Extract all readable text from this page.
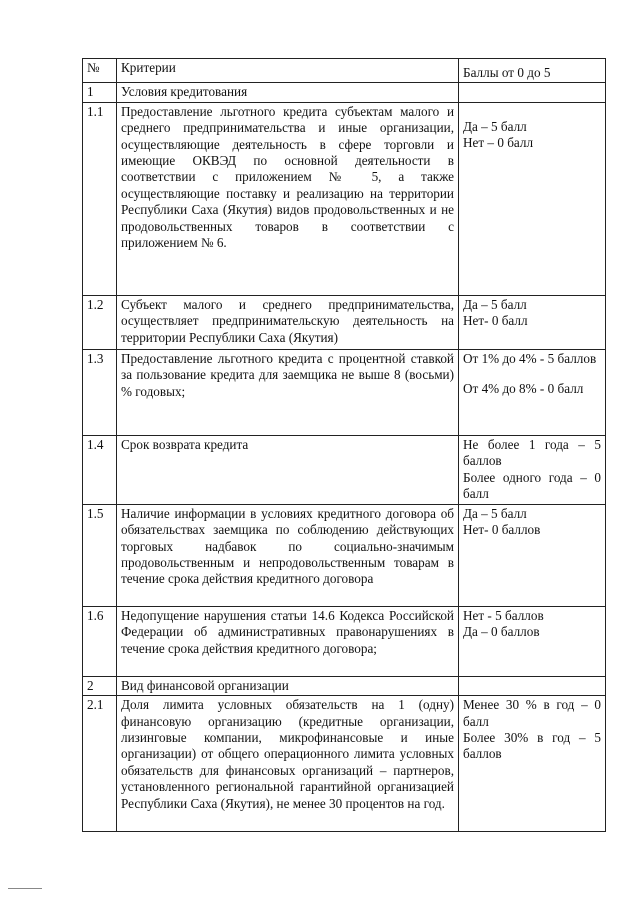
№	Критерии	Баллы от 0 до 5
1	Условия кредитования	
1.1	Предоставление льготного кредита субъектам малого и среднего предпринимательства и иные организации, осуществляющие деятельность в сфере торговли и имеющие ОКВЭД по основной деятельности в соответствии с приложением № 5, а также осуществляющие поставку и реализацию на территории Республики Саха (Якутия) видов продовольственных и не продовольственных товаров в соответствии с приложением № 6.	Да – 5 балл
Нет – 0 балл

1.2	Субъект малого и среднего предпринимательства, осуществляет предпринимательскую деятельность на территории Республики Саха (Якутия)	Да – 5 балл
Нет- 0 балл

1.3	Предоставление льготного кредита с процентной ставкой за пользование кредита для заемщика не выше 8 (восьми) % годовых;	От 1% до 4% - 5 баллов
От 4% до 8% - 0 балл

1.4	Срок возврата кредита	Не более 1 года – 5 баллов
Более одного года – 0 балл

1.5	Наличие информации в условиях кредитного договора об обязательствах заемщика по соблюдению действующих торговых надбавок по социально-значимым продовольственным и непродовольственным товарам в течение срока действия кредитного договора	Да – 5 балл
Нет- 0 баллов

1.6	Недопущение нарушения статьи 14.6 Кодекса Российской Федерации об административных правонарушениях в течение срока действия кредитного договора;	Нет - 5 баллов
Да – 0 баллов

2	Вид финансовой организации	
2.1	Доля лимита условных обязательств на 1 (одну) финансовую организацию (кредитные организации, лизинговые компании, микрофинансовые и иные организации) от общего операционного лимита условных обязательств для финансовых организаций – партнеров, установленного региональной гарантийной организацией Республики Саха (Якутия), не менее 30 процентов на год.	Менее 30 % в год – 0 балл
Более 30% в год – 5 баллов
